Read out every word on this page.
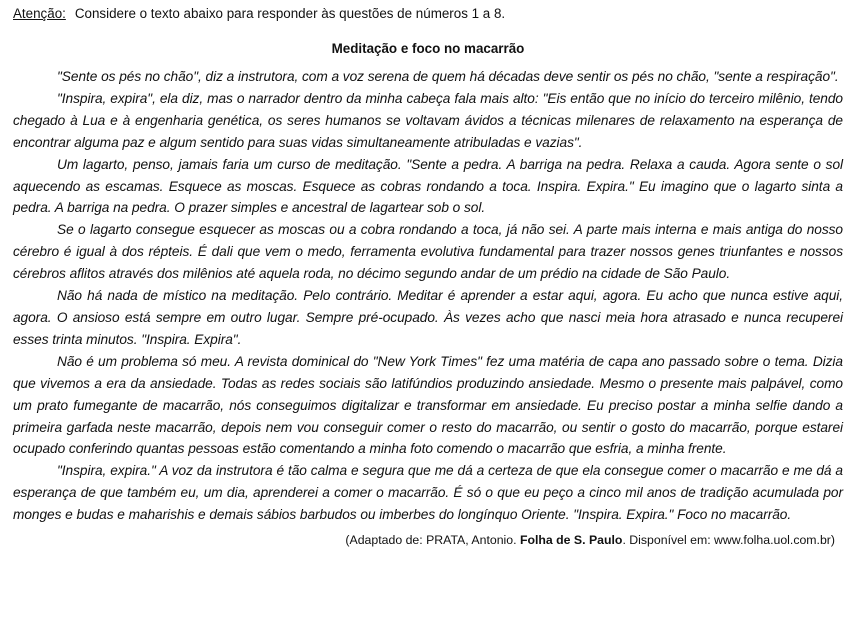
Atenção: Considere o texto abaixo para responder às questões de números 1 a 8.
Meditação e foco no macarrão

"Sente os pés no chão", diz a instrutora, com a voz serena de quem há décadas deve sentir os pés no chão, "sente a respiração".

"Inspira, expira", ela diz, mas o narrador dentro da minha cabeça fala mais alto: "Eis então que no início do terceiro milênio, tendo chegado à Lua e à engenharia genética, os seres humanos se voltavam ávidos a técnicas milenares de relaxamento na esperança de encontrar alguma paz e algum sentido para suas vidas simultaneamente atribuladas e vazias".

Um lagarto, penso, jamais faria um curso de meditação. "Sente a pedra. A barriga na pedra. Relaxa a cauda. Agora sente o sol aquecendo as escamas. Esquece as moscas. Esquece as cobras rondando a toca. Inspira. Expira." Eu imagino que o lagarto sinta a pedra. A barriga na pedra. O prazer simples e ancestral de lagartear sob o sol.

Se o lagarto consegue esquecer as moscas ou a cobra rondando a toca, já não sei. A parte mais interna e mais antiga do nosso cérebro é igual à dos répteis. É dali que vem o medo, ferramenta evolutiva fundamental para trazer nossos genes triunfantes e nossos cérebros aflitos através dos milênios até aquela roda, no décimo segundo andar de um prédio na cidade de São Paulo.

Não há nada de místico na meditação. Pelo contrário. Meditar é aprender a estar aqui, agora. Eu acho que nunca estive aqui, agora. O ansioso está sempre em outro lugar. Sempre pré-ocupado. Às vezes acho que nasci meia hora atrasado e nunca recuperei esses trinta minutos. "Inspira. Expira".

Não é um problema só meu. A revista dominical do "New York Times" fez uma matéria de capa ano passado sobre o tema. Dizia que vivemos a era da ansiedade. Todas as redes sociais são latifúndios produzindo ansiedade. Mesmo o presente mais palpável, como um prato fumegante de macarrão, nós conseguimos digitalizar e transformar em ansiedade. Eu preciso postar a minha selfie dando a primeira garfada neste macarrão, depois nem vou conseguir comer o resto do macarrão, ou sentir o gosto do macarrão, porque estarei ocupado conferindo quantas pessoas estão comentando a minha foto comendo o macarrão que esfria, a minha frente.

"Inspira, expira." A voz da instrutora é tão calma e segura que me dá a certeza de que ela consegue comer o macarrão e me dá a esperança de que também eu, um dia, aprenderei a comer o macarrão. É só o que eu peço a cinco mil anos de tradição acumulada por monges e budas e maharishis e demais sábios barbudos ou imberbes do longínquo Oriente. "Inspira. Expira." Foco no macarrão.

(Adaptado de: PRATA, Antonio. Folha de S. Paulo. Disponível em: www.folha.uol.com.br)
